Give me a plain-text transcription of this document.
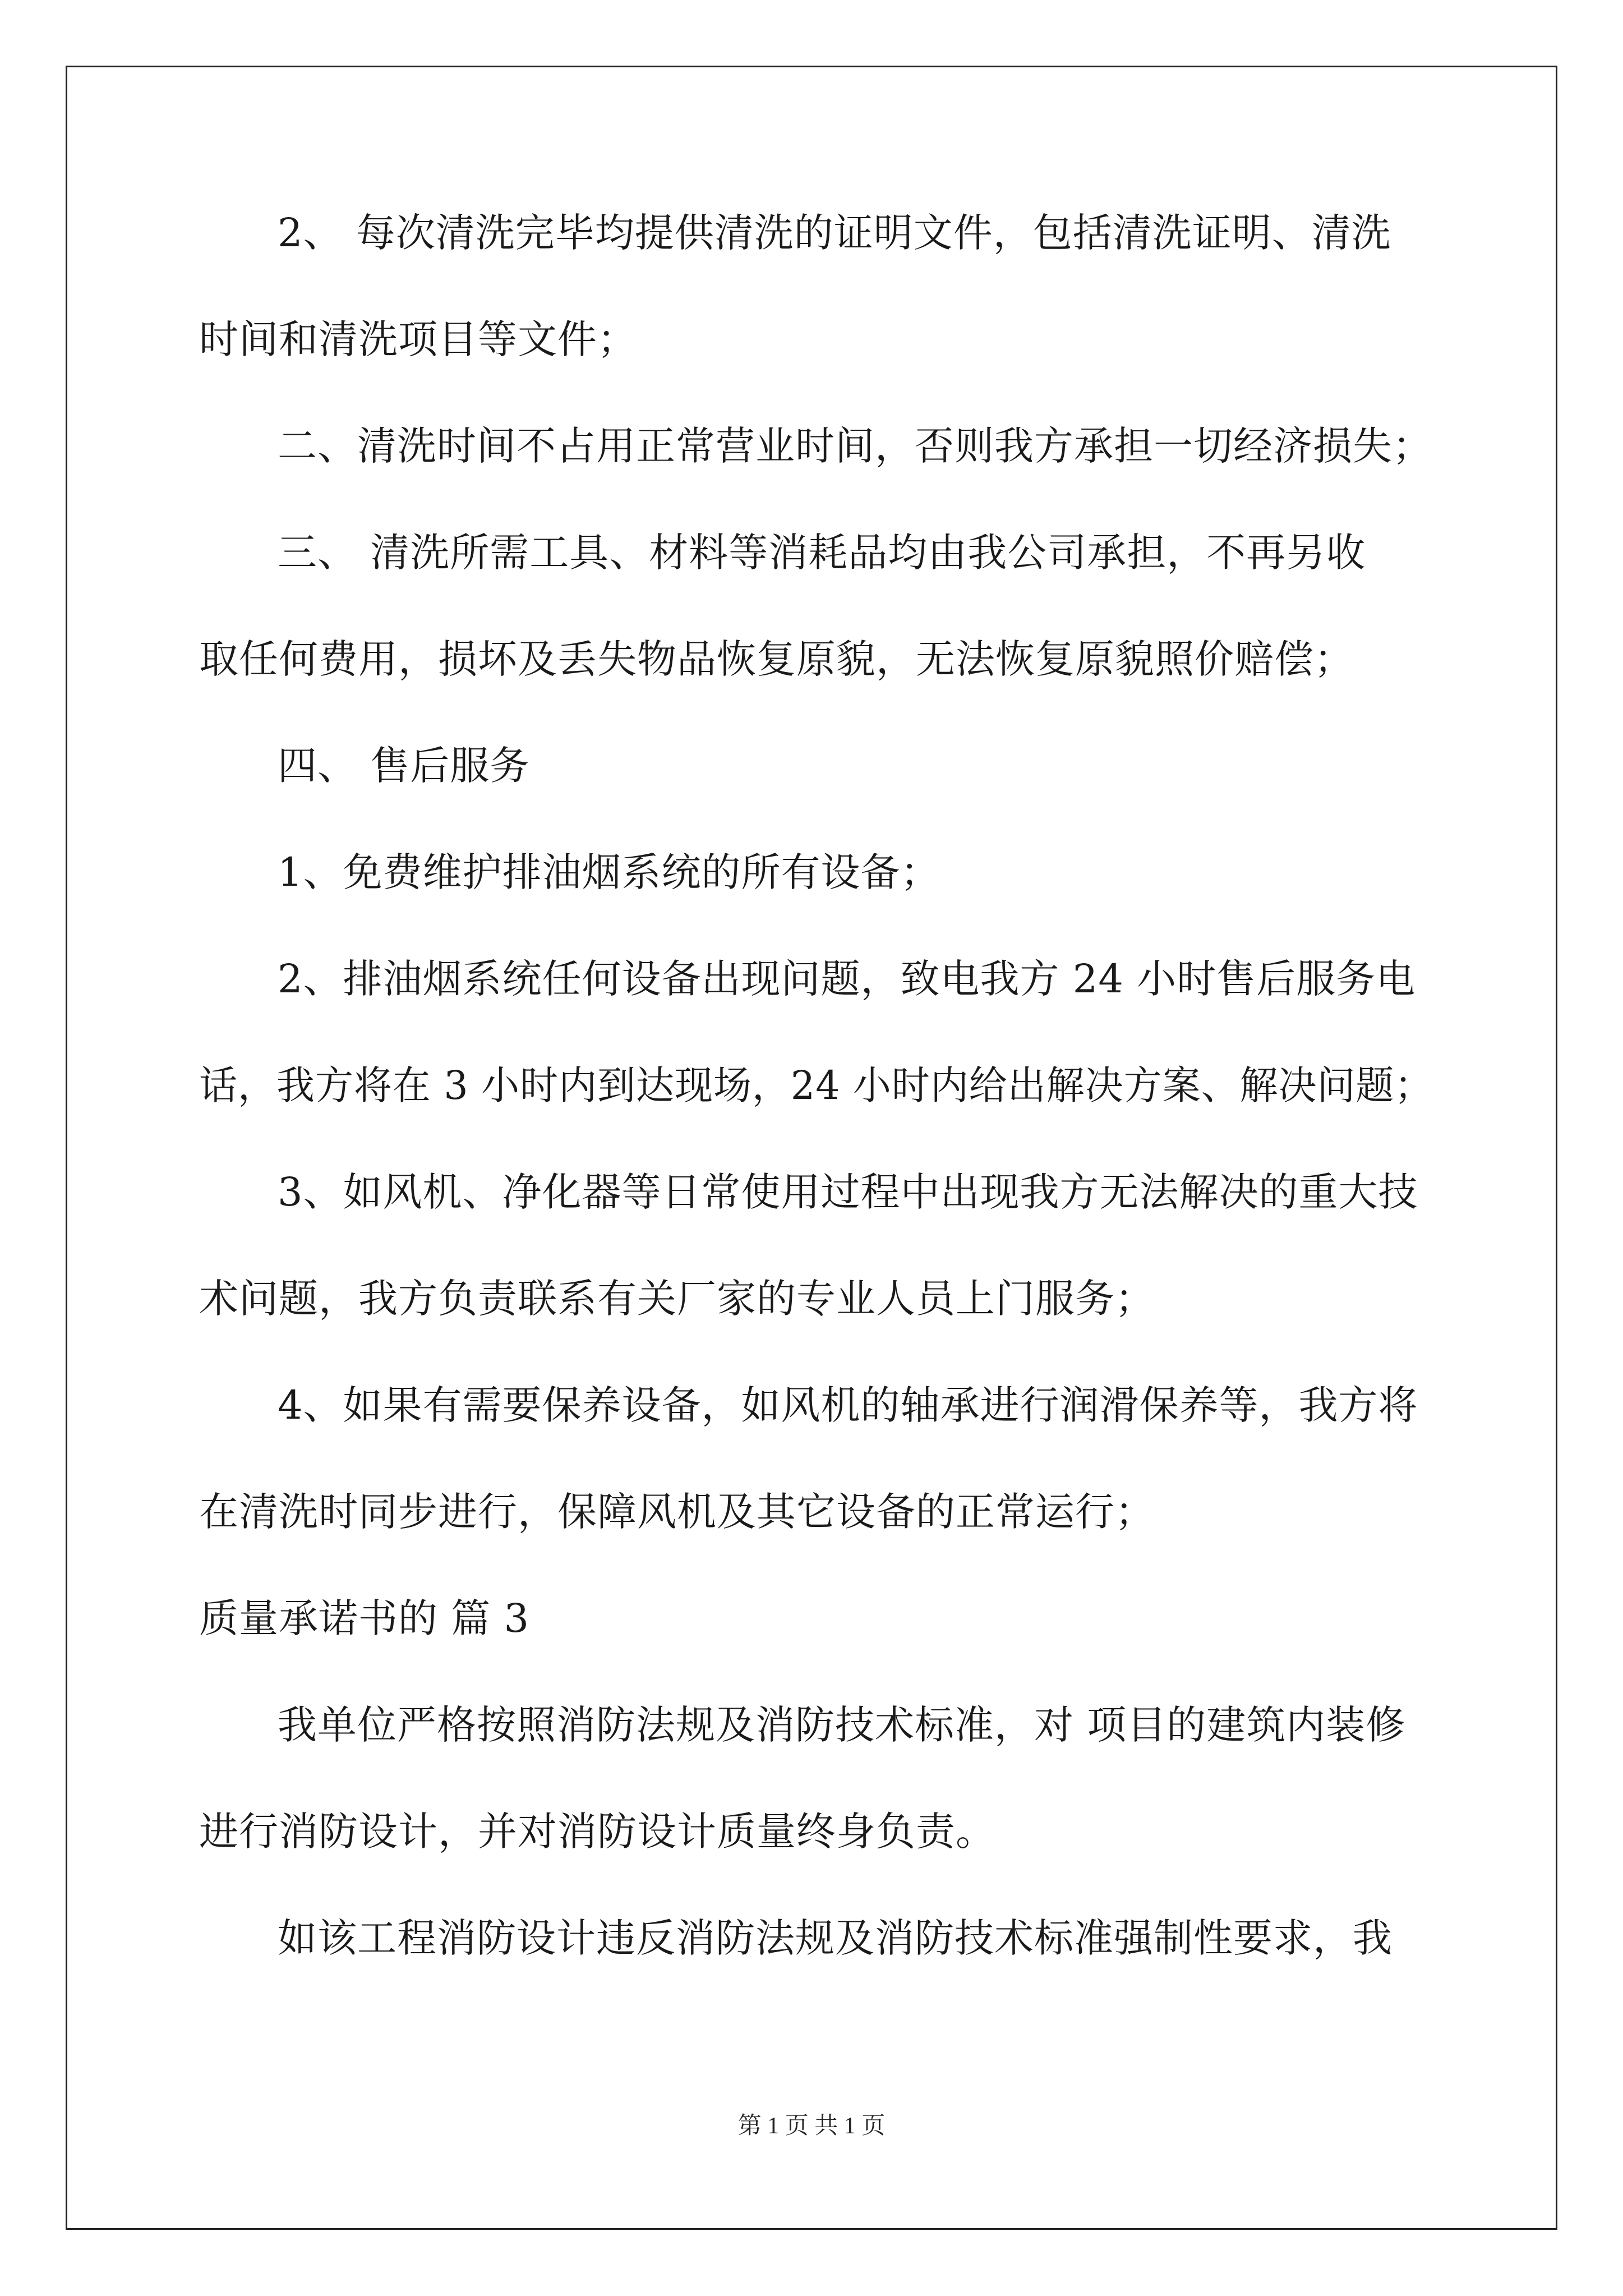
2、 每次清洗完毕均提供清洗的证明文件，包括清洗证明、清洗
时间和清洗项目等文件；
二、清洗时间不占用正常营业时间，否则我方承担一切经济损失；
三、 清洗所需工具、材料等消耗品均由我公司承担，不再另收
取任何费用，损坏及丢失物品恢复原貌，无法恢复原貌照价赔偿；
四、 售后服务
1、免费维护排油烟系统的所有设备；
2、排油烟系统任何设备出现问题，致电我方 24 小时售后服务电
话，我方将在 3 小时内到达现场，24 小时内给出解决方案、解决问题；
3、如风机、净化器等日常使用过程中出现我方无法解决的重大技
术问题，我方负责联系有关厂家的专业人员上门服务；
4、如果有需要保养设备，如风机的轴承进行润滑保养等，我方将
在清洗时同步进行，保障风机及其它设备的正常运行；
质量承诺书的 篇 3
我单位严格按照消防法规及消防技术标准，对 项目的建筑内装修
进行消防设计，并对消防设计质量终身负责。
如该工程消防设计违反消防法规及消防技术标准强制性要求，我
第 1 页 共 1 页
